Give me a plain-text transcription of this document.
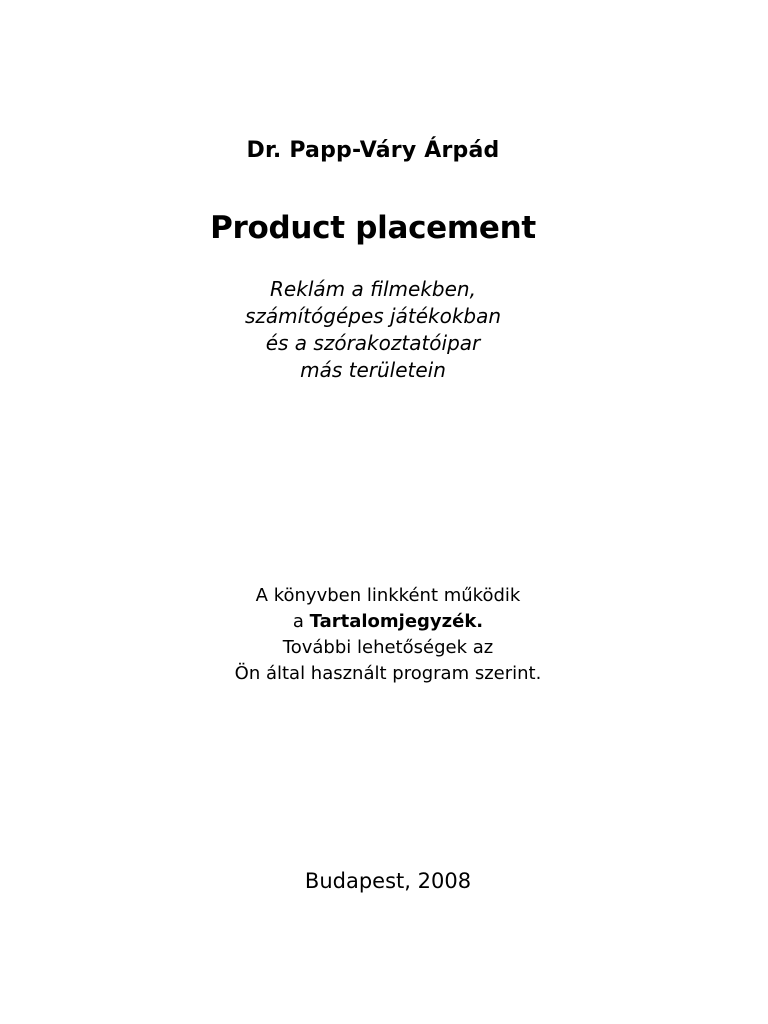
Dr. Papp-Váry Árpád
Product placement
Reklám a filmekben,
számítógépes játékokban
és a szórakoztatóipar
más területein
A könyvben linkként működik
a Tartalomjegyzék.
További lehetőségek az
Ön által használt program szerint.
Budapest, 2008
